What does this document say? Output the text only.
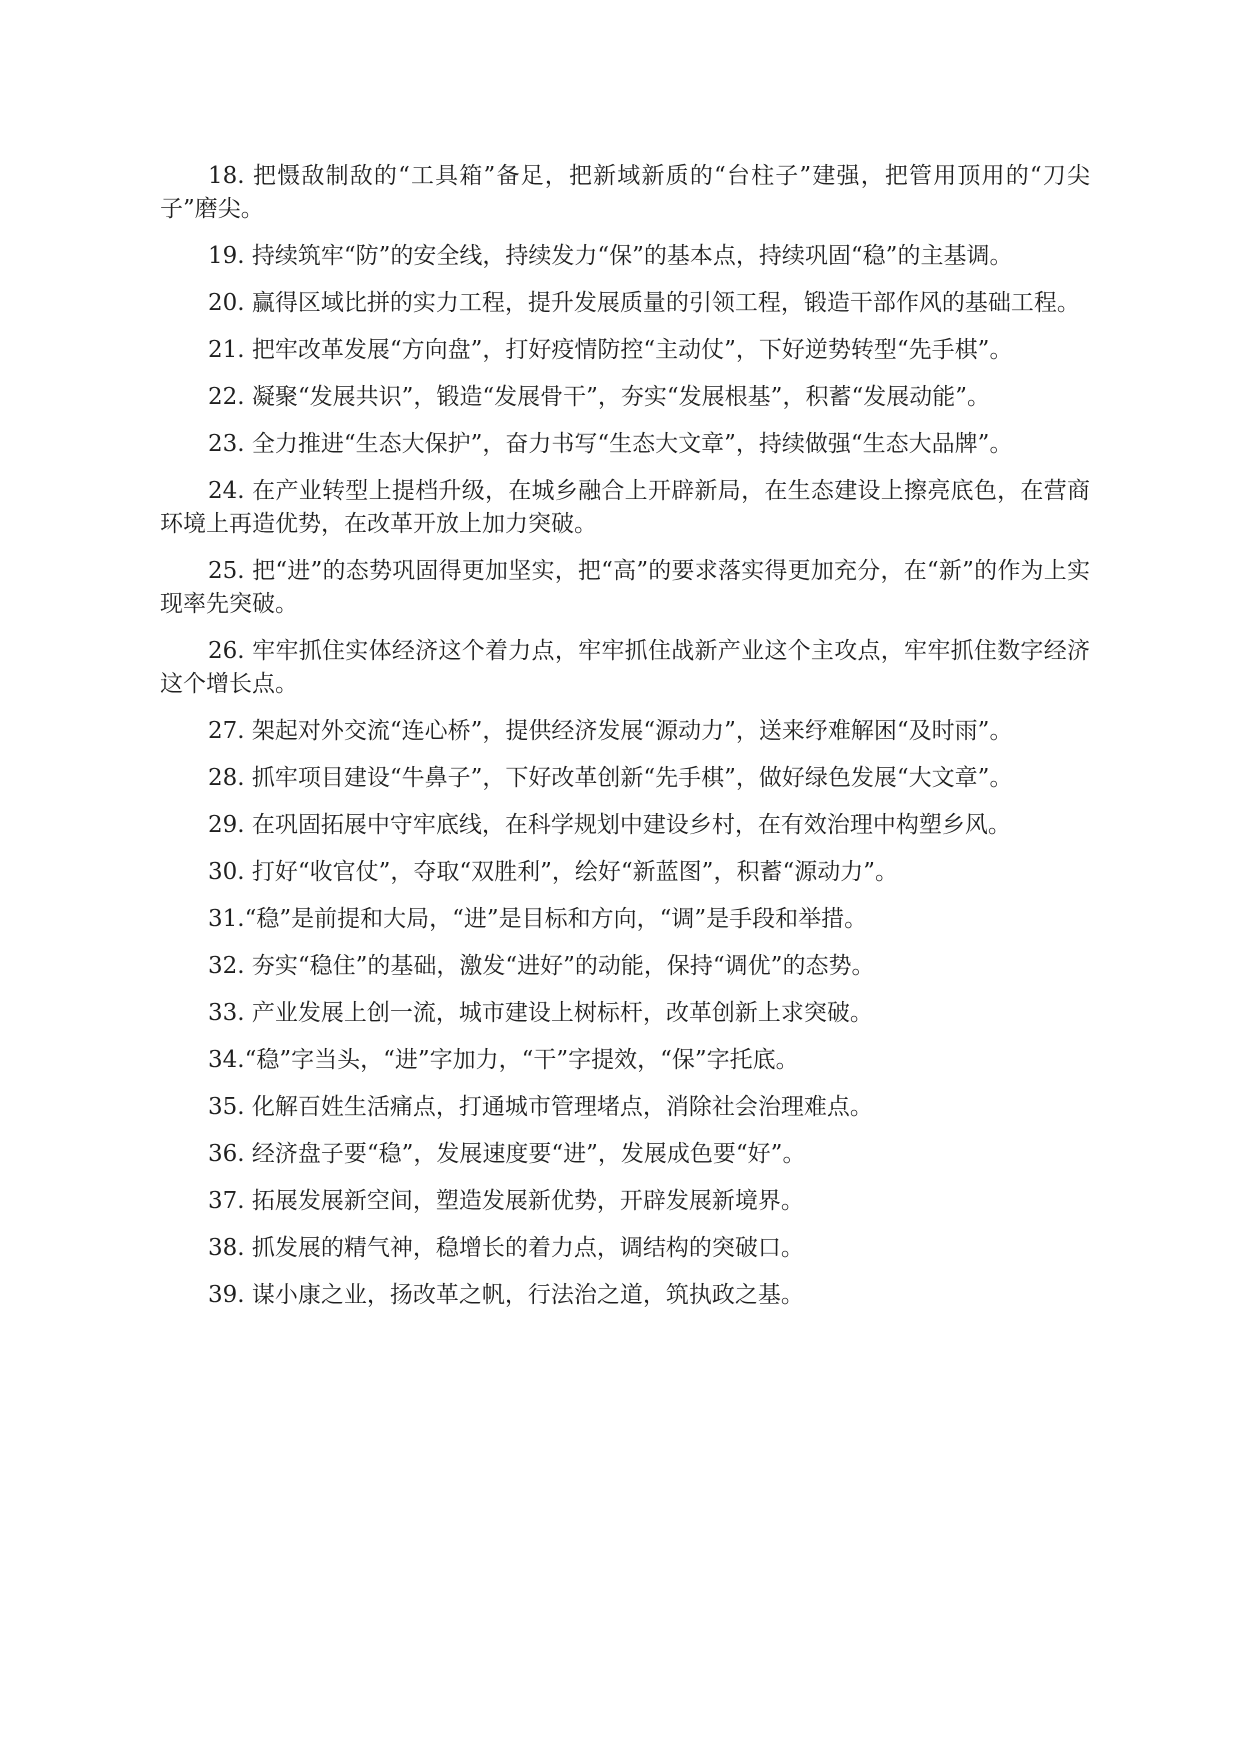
18. 把慑敌制敌的“工具箱”备足，把新域新质的“台柱子”建强，把管用顶用的“刀尖子”磨尖。

19. 持续筑牢“防”的安全线，持续发力“保”的基本点，持续巩固“稳”的主基调。

20. 赢得区域比拼的实力工程，提升发展质量的引领工程，锻造干部作风的基础工程。

21. 把牢改革发展“方向盘”，打好疫情防控“主动仗”，下好逆势转型“先手棋”。

22. 凝聚“发展共识”，锻造“发展骨干”，夯实“发展根基”，积蓄“发展动能”。

23. 全力推进“生态大保护”，奋力书写“生态大文章”，持续做强“生态大品牌”。

24. 在产业转型上提档升级，在城乡融合上开辟新局，在生态建设上擦亮底色，在营商环境上再造优势，在改革开放上加力突破。

25. 把“进”的态势巩固得更加坚实，把“高”的要求落实得更加充分，在“新”的作为上实现率先突破。

26. 牢牢抓住实体经济这个着力点，牢牢抓住战新产业这个主攻点，牢牢抓住数字经济这个增长点。

27. 架起对外交流“连心桥”，提供经济发展“源动力”，送来纾难解困“及时雨”。

28. 抓牢项目建设“牛鼻子”，下好改革创新“先手棋”，做好绿色发展“大文章”。

29. 在巩固拓展中守牢底线，在科学规划中建设乡村，在有效治理中构塑乡风。

30. 打好“收官仗”，夺取“双胜利”，绘好“新蓝图”，积蓄“源动力”。

31.“稳”是前提和大局，“进”是目标和方向，“调”是手段和举措。

32. 夯实“稳住”的基础，激发“进好”的动能，保持“调优”的态势。

33. 产业发展上创一流，城市建设上树标杆，改革创新上求突破。

34.“稳”字当头，“进”字加力，“干”字提效，“保”字托底。

35. 化解百姓生活痛点，打通城市管理堵点，消除社会治理难点。

36. 经济盘子要“稳”，发展速度要“进”，发展成色要“好”。

37. 拓展发展新空间，塑造发展新优势，开辟发展新境界。

38. 抓发展的精气神，稳增长的着力点，调结构的突破口。

39. 谋小康之业，扬改革之帆，行法治之道，筑执政之基。
